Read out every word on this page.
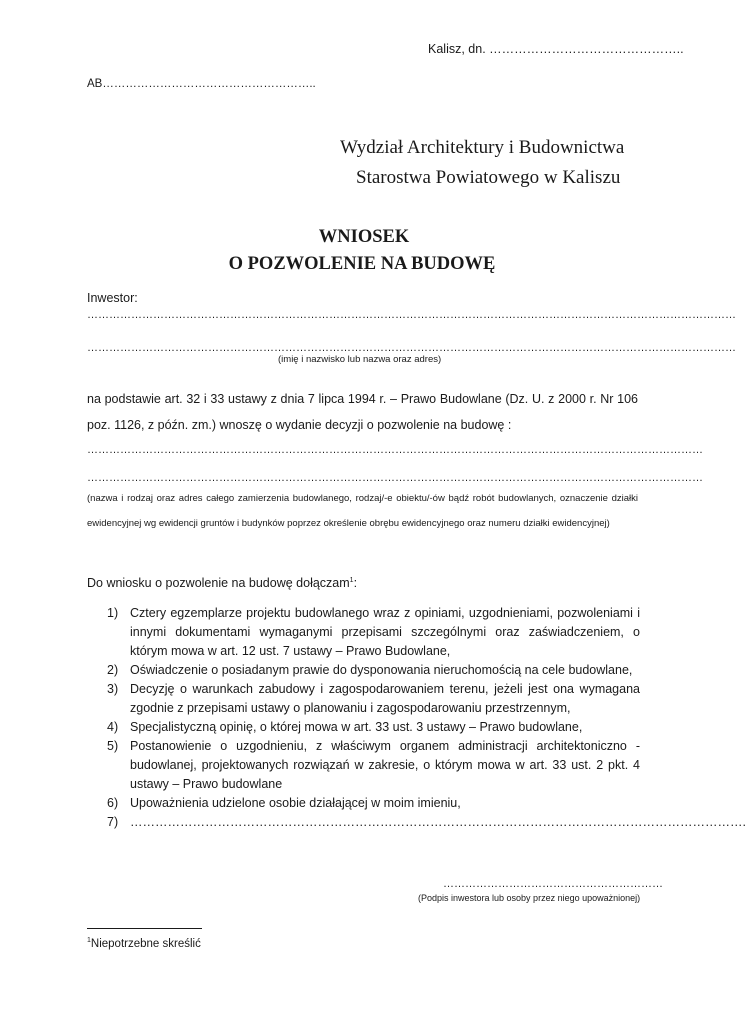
Kalisz, dn. ………………………………………..
AB………………………………………………..
Wydział Architektury i Budownictwa
Starostwa Powiatowego w Kaliszu
WNIOSEK
O POZWOLENIE NA BUDOWĘ
Inwestor:
……………………………………………………………………………………………………………………………………………………………
……………………………………………………………………………………………………………………………………………………………
(imię i nazwisko lub nazwa oraz adres)
na podstawie art. 32 i 33 ustawy z dnia 7 lipca 1994 r. – Prawo Budowlane (Dz. U. z 2000 r. Nr 106 poz. 1126, z późn. zm.) wnoszę o wydanie decyzji o pozwolenie na budowę :
……………………………………………………………………………………………………………………………………………………
……………………………………………………………………………………………………………………………………………………
(nazwa i rodzaj oraz adres całego zamierzenia budowlanego, rodzaj/-e obiektu/-ów bądź robót budowlanych, oznaczenie działki ewidencyjnej wg ewidencji gruntów i budynków poprzez określenie obrębu ewidencyjnego oraz numeru działki ewidencyjnej)
Do wniosku o pozwolenie na budowę dołączam$^1$:
1) Cztery egzemplarze projektu budowlanego wraz z opiniami, uzgodnieniami, pozwoleniami i innymi dokumentami wymaganymi przepisami szczególnymi oraz zaświadczeniem, o którym mowa w art. 12 ust. 7 ustawy – Prawo Budowlane,
2) Oświadczenie o posiadanym prawie do dysponowania nieruchomością na cele budowlane,
3) Decyzję o warunkach zabudowy i zagospodarowaniem terenu, jeżeli jest ona wymagana zgodnie z przepisami ustawy o planowaniu i zagospodarowaniu przestrzennym,
4) Specjalistyczną opinię, o której mowa w art. 33 ust. 3 ustawy – Prawo budowlane,
5) Postanowienie o uzgodnieniu, z właściwym organem administracji architektoniczno - budowlanej, projektowanych rozwiązań w zakresie, o którym mowa w art. 33 ust. 2 pkt. 4 ustawy – Prawo budowlane
6) Upoważnienia udzielone osobie działającej w moim imieniu,
7) ………………………………………………………………………………………………………………………………….
……………………………………………………
(Podpis inwestora lub osoby przez niego upoważnionej)
$^1$Niepotrzebne skreślić
